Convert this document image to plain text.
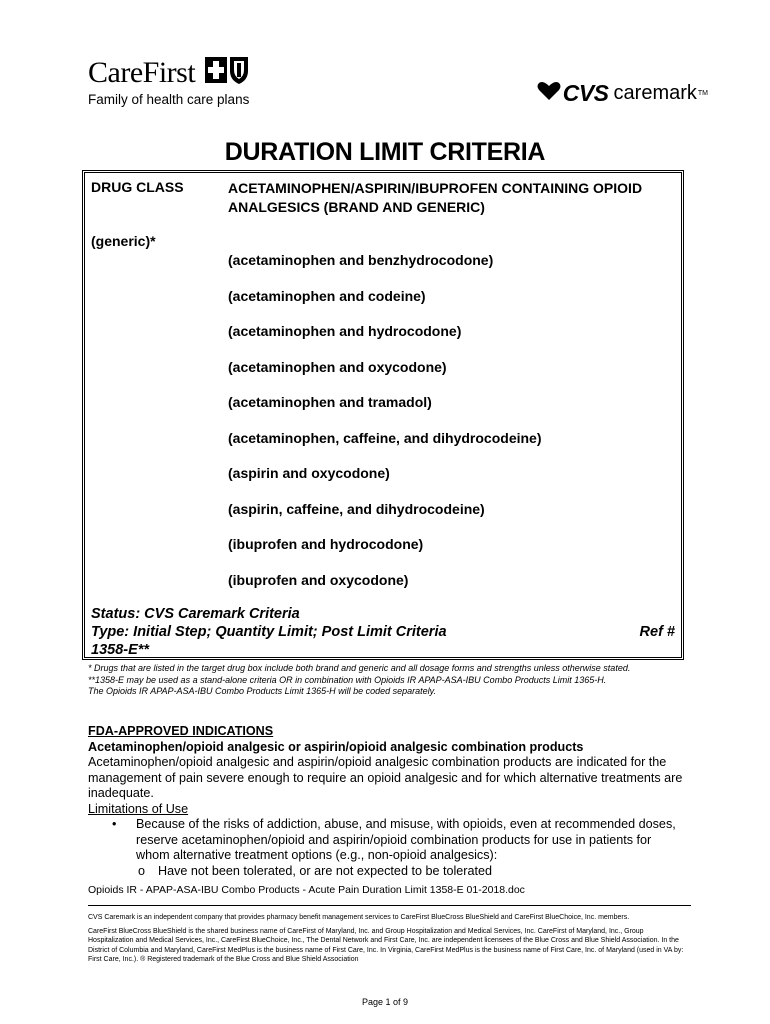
CareFirst
Family of health care plans	CVS caremark TM
DURATION LIMIT CRITERIA
DRUG CLASS	ACETAMINOPHEN/ASPIRIN/IBUPROFEN CONTAINING OPIOID ANALGESICS (BRAND AND GENERIC)
(generic)*
(acetaminophen and benzhydrocodone)
(acetaminophen and codeine)
(acetaminophen and hydrocodone)
(acetaminophen and oxycodone)
(acetaminophen and tramadol)
(acetaminophen, caffeine, and dihydrocodeine)
(aspirin and oxycodone)
(aspirin, caffeine, and dihydrocodeine)
(ibuprofen and hydrocodone)
(ibuprofen and oxycodone)
Status: CVS Caremark Criteria
Type: Initial Step; Quantity Limit; Post Limit Criteria	Ref #
1358-E**
* Drugs that are listed in the target drug box include both brand and generic and all dosage forms and strengths unless otherwise stated.
**1358-E may be used as a stand-alone criteria OR in combination with Opioids IR APAP-ASA-IBU Combo Products Limit 1365-H.
The Opioids IR APAP-ASA-IBU Combo Products Limit 1365-H will be coded separately.
FDA-APPROVED INDICATIONS
Acetaminophen/opioid analgesic or aspirin/opioid analgesic combination products
Acetaminophen/opioid analgesic and aspirin/opioid analgesic combination products are indicated for the management of pain severe enough to require an opioid analgesic and for which alternative treatments are inadequate.
Limitations of Use
•	Because of the risks of addiction, abuse, and misuse, with opioids, even at recommended doses, reserve acetaminophen/opioid and aspirin/opioid combination products for use in patients for whom alternative treatment options (e.g., non-opioid analgesics):
o	Have not been tolerated, or are not expected to be tolerated
Opioids IR - APAP-ASA-IBU Combo Products - Acute Pain Duration Limit 1358-E 01-2018.doc

CVS Caremark is an independent company that provides pharmacy benefit management services to CareFirst BlueCross BlueShield and CareFirst BlueChoice, Inc. members.

CareFirst BlueCross BlueShield is the shared business name of CareFirst of Maryland, Inc. and Group Hospitalization and Medical Services, Inc. CareFirst of Maryland, Inc., Group Hospitalization and Medical Services, Inc., CareFirst BlueChoice, Inc., The Dental Network and First Care, Inc. are independent licensees of the Blue Cross and Blue Shield Association. In the District of Columbia and Maryland, CareFirst MedPlus is the business name of First Care, Inc. In Virginia, CareFirst MedPlus is the business name of First Care, Inc. of Maryland (used in VA by: First Care, Inc.). ® Registered trademark of the Blue Cross and Blue Shield Association

Page 1 of 9
